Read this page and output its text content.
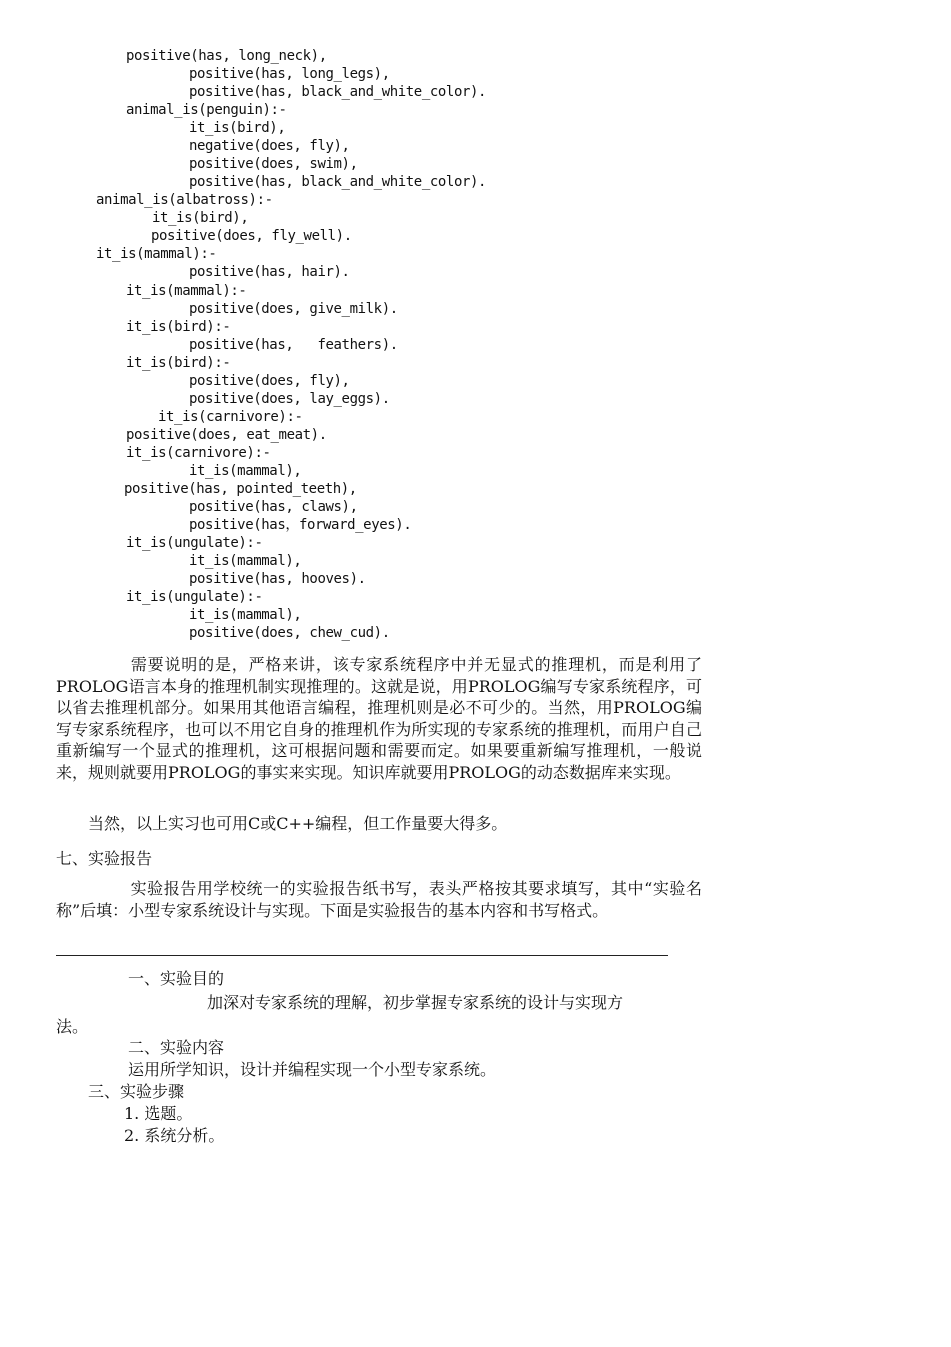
positive(has, long_neck),
positive(has, long_legs),
positive(has, black_and_white_color).
animal_is(penguin):-
it_is(bird),
negative(does, fly),
positive(does, swim),
positive(has, black_and_white_color).
animal_is(albatross):-
it_is(bird),
positive(does, fly_well).
it_is(mammal):-
positive(has, hair).
it_is(mammal):-
positive(does, give_milk).
it_is(bird):-
positive(has,   feathers).
it_is(bird):-
positive(does, fly),
positive(does, lay_eggs).
it_is(carnivore):-
positive(does, eat_meat).
it_is(carnivore):-
it_is(mammal),
positive(has, pointed_teeth),
positive(has, claws),
positive(has，forward_eyes).
it_is(ungulate):-
it_is(mammal),
positive(has, hooves).
it_is(ungulate):-
it_is(mammal),
positive(does, chew_cud).

需要说明的是，严格来讲，该专家系统程序中并无显式的推理机，而是利用了PROLOG语言本身的推理机制实现推理的。这就是说，用PROLOG编写专家系统程序，可以省去推理机部分。如果用其他语言编程，推理机则是必不可少的。当然，用PROLOG编写专家系统程序，也可以不用它自身的推理机作为所实现的专家系统的推理机，而用户自己重新编写一个显式的推理机，这可根据问题和需要而定。如果要重新编写推理机，一般说来，规则就要用PROLOG的事实来实现。知识库就要用PROLOG的动态数据库来实现。

当然，以上实习也可用C或C++编程，但工作量要大得多。
七、实验报告

实验报告用学校统一的实验报告纸书写，表头严格按其要求填写，其中“实验名称”后填：小型专家系统设计与实现。下面是实验报告的基本内容和书写格式。

一、实验目的
加深对专家系统的理解，初步掌握专家系统的设计与实现方
法。
二、实验内容
运用所学知识，设计并编程实现一个小型专家系统。
三、实验步骤
1. 选题。
2. 系统分析。
